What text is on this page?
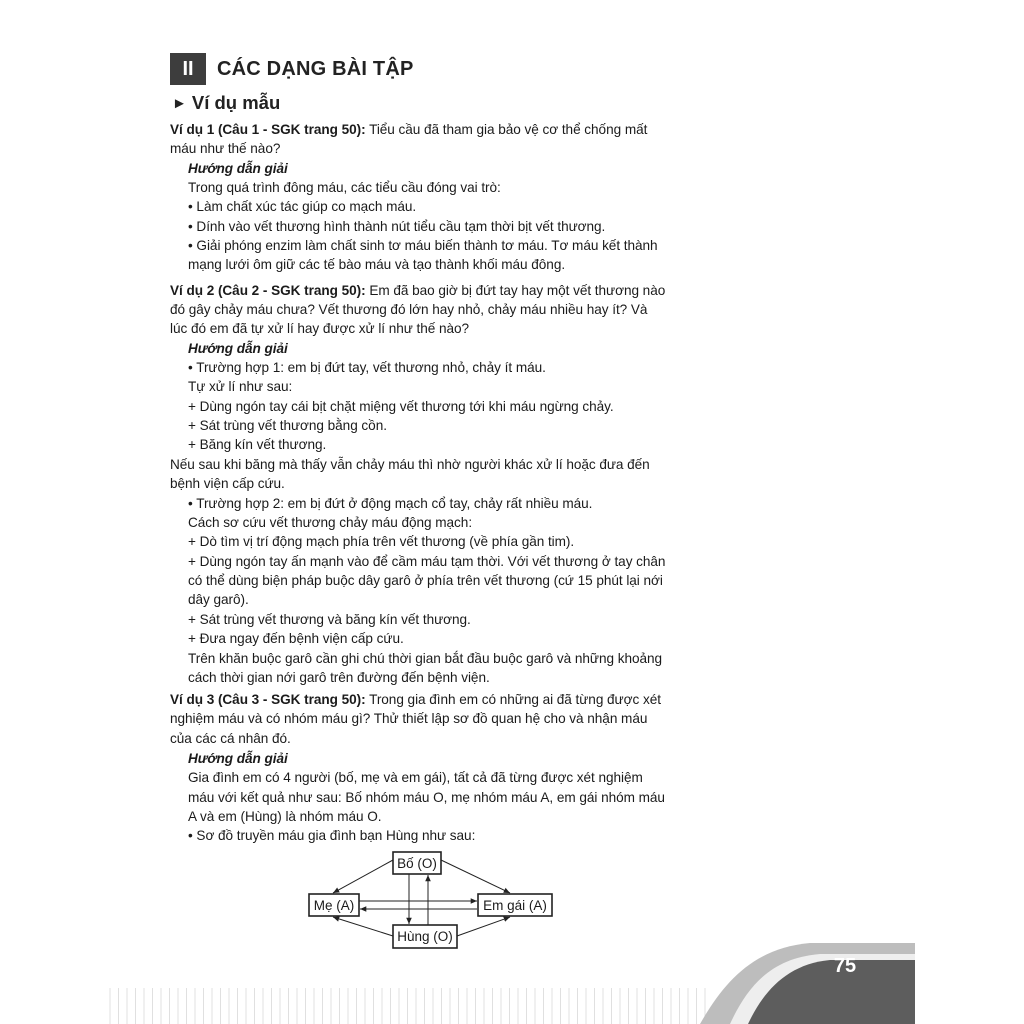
II	CÁC DẠNG BÀI TẬP
► Ví dụ mẫu
Ví dụ 1 (Câu 1 - SGK trang 50): Tiểu cầu đã tham gia bảo vệ cơ thể chống mất
máu như thế nào?
Hướng dẫn giải
Trong quá trình đông máu, các tiểu cầu đóng vai trò:
• Làm chất xúc tác giúp co mạch máu.
• Dính vào vết thương hình thành nút tiểu cầu tạm thời bịt vết thương.
• Giải phóng enzim làm chất sinh tơ máu biến thành tơ máu. Tơ máu kết thành
mạng lưới ôm giữ các tế bào máu và tạo thành khối máu đông.
Ví dụ 2 (Câu 2 - SGK trang 50): Em đã bao giờ bị đứt tay hay một vết thương nào
đó gây chảy máu chưa? Vết thương đó lớn hay nhỏ, chảy máu nhiều hay ít? Và
lúc đó em đã tự xử lí hay được xử lí như thế nào?
Hướng dẫn giải
• Trường hợp 1: em bị đứt tay, vết thương nhỏ, chảy ít máu.
Tự xử lí như sau:
+ Dùng ngón tay cái bịt chặt miệng vết thương tới khi máu ngừng chảy.
+ Sát trùng vết thương bằng cồn.
+ Băng kín vết thương.
Nếu sau khi băng mà thấy vẫn chảy máu thì nhờ người khác xử lí hoặc đưa đến
bệnh viện cấp cứu.
• Trường hợp 2: em bị đứt ở động mạch cổ tay, chảy rất nhiều máu.
Cách sơ cứu vết thương chảy máu động mạch:
+ Dò tìm vị trí động mạch phía trên vết thương (về phía gần tim).
+ Dùng ngón tay ấn mạnh vào để cầm máu tạm thời. Với vết thương ở tay chân
có thể dùng biện pháp buộc dây garô ở phía trên vết thương (cứ 15 phút lại nới
dây garô).
+ Sát trùng vết thương và băng kín vết thương.
+ Đưa ngay đến bệnh viện cấp cứu.
Trên khăn buộc garô cần ghi chú thời gian bắt đầu buộc garô và những khoảng
cách thời gian nới garô trên đường đến bệnh viện.
Ví dụ 3 (Câu 3 - SGK trang 50): Trong gia đình em có những ai đã từng được xét
nghiệm máu và có nhóm máu gì? Thử thiết lập sơ đồ quan hệ cho và nhận máu
của các cá nhân đó.
Hướng dẫn giải
Gia đình em có 4 người (bố, mẹ và em gái), tất cả đã từng được xét nghiệm
máu với kết quả như sau: Bố nhóm máu O, mẹ nhóm máu A, em gái nhóm máu
A và em (Hùng) là nhóm máu O.
• Sơ đồ truyền máu gia đình bạn Hùng như sau:
Bố (O)
Mẹ (A)	Em gái (A)
Hùng (O)
75
